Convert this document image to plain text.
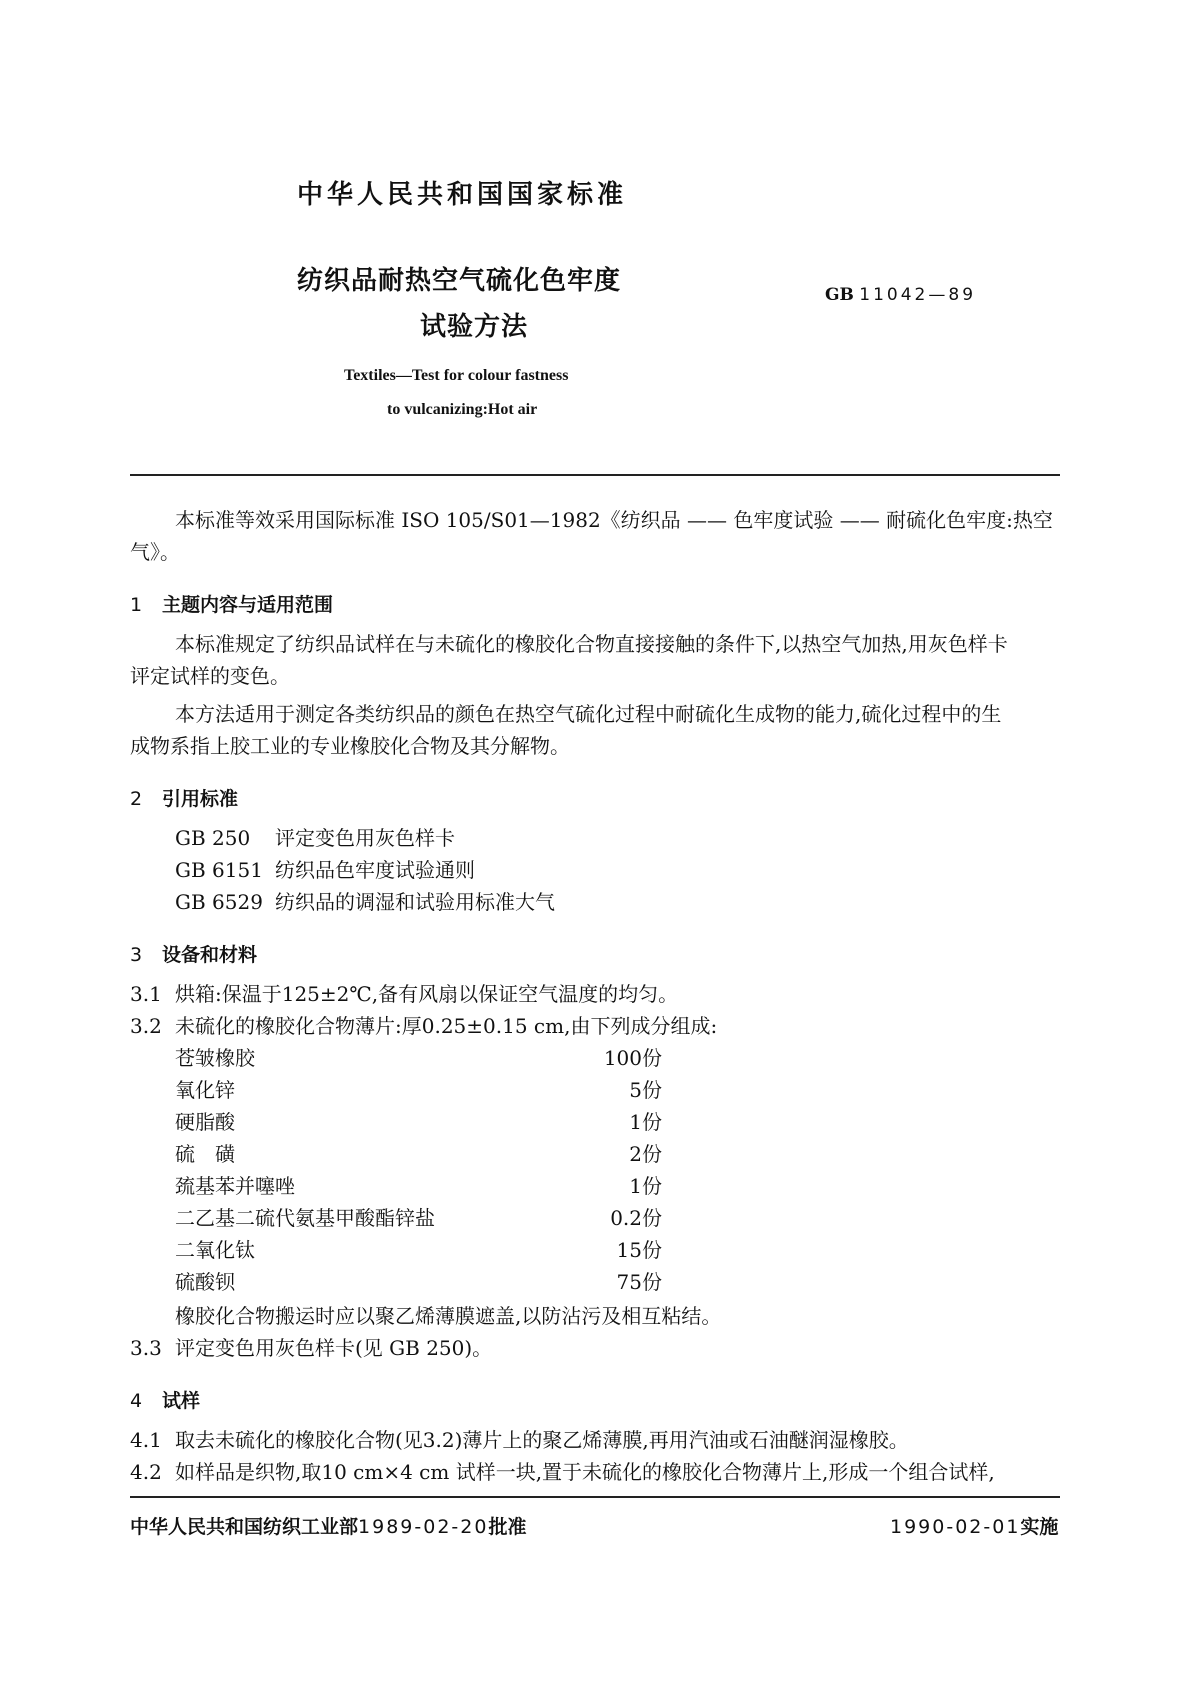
中华人民共和国国家标准
纺织品耐热空气硫化色牢度
试验方法
GB 11042—89
Textiles—Test for colour fastness
to vulcanizing:Hot air
本标准等效采用国际标准 ISO 105/S01—1982《纺织品 —— 色牢度试验 —— 耐硫化色牢度:热空
气》。
1 主题内容与适用范围
本标准规定了纺织品试样在与未硫化的橡胶化合物直接接触的条件下,以热空气加热,用灰色样卡
评定试样的变色。
本方法适用于测定各类纺织品的颜色在热空气硫化过程中耐硫化生成物的能力,硫化过程中的生
成物系指上胶工业的专业橡胶化合物及其分解物。
2 引用标准
GB 250 评定变色用灰色样卡
GB 6151 纺织品色牢度试验通则
GB 6529 纺织品的调湿和试验用标准大气
3 设备和材料
3.1 烘箱:保温于125±2℃,备有风扇以保证空气温度的均匀。
3.2 未硫化的橡胶化合物薄片:厚0.25±0.15 cm,由下列成分组成:
苍皱橡胶	100份
氧化锌	5份
硬脂酸	1份
硫　磺	2份
巯基苯并噻唑	1份
二乙基二硫代氨基甲酸酯锌盐	0.2份
二氧化钛	15份
硫酸钡	75份
橡胶化合物搬运时应以聚乙烯薄膜遮盖,以防沾污及相互粘结。
3.3 评定变色用灰色样卡(见 GB 250)。
4 试样
4.1 取去未硫化的橡胶化合物(见3.2)薄片上的聚乙烯薄膜,再用汽油或石油醚润湿橡胶。
4.2 如样品是织物,取10 cm×4 cm 试样一块,置于未硫化的橡胶化合物薄片上,形成一个组合试样,
中华人民共和国纺织工业部1989-02-20批准	1990-02-01实施
